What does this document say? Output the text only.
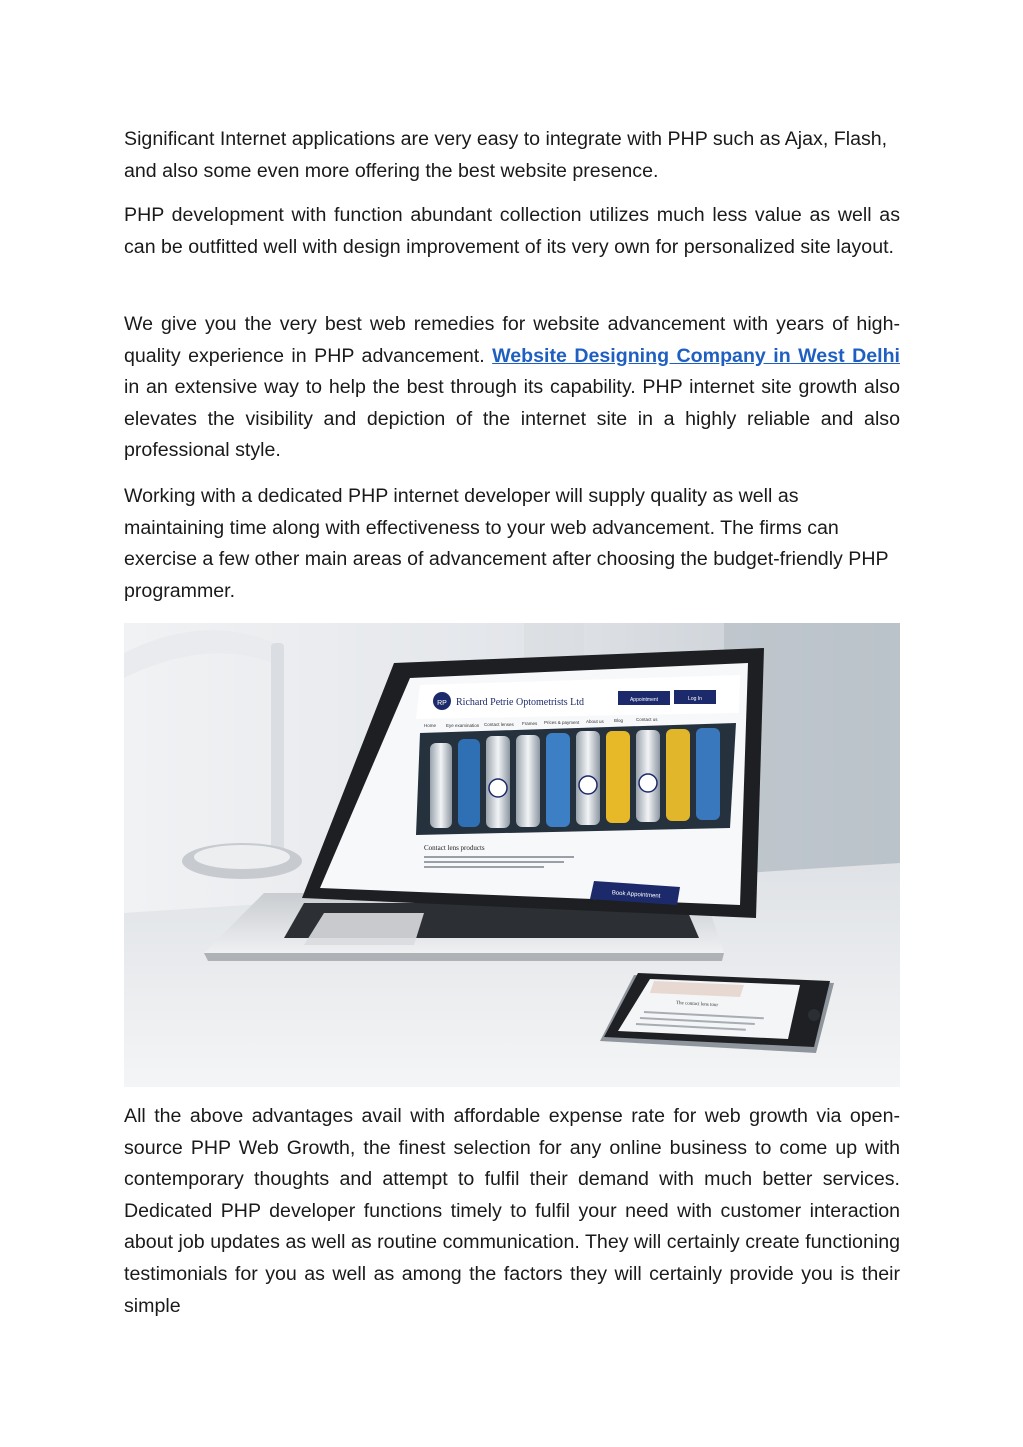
Significant Internet applications are very easy to integrate with PHP such as Ajax, Flash, and also some even more offering the best website presence.

PHP development with function abundant collection utilizes much less value as well as can be outfitted well with design improvement of its very own for personalized site layout.

We give you the very best web remedies for website advancement with years of high-quality experience in PHP advancement. Website Designing Company in West Delhi in an extensive way to help the best through its capability. PHP internet site growth also elevates the visibility and depiction of the internet site in a highly reliable and also professional style.

Working with a dedicated PHP internet developer will supply quality as well as maintaining time along with effectiveness to your web advancement. The firms can exercise a few other main areas of advancement after choosing the budget-friendly PHP programmer.

RP Richard Petrie Optometrists Ltd	Appointment	Log In
Home Eye examination Contact lenses Frames Prices & payment About us Blog	Contact us
Contact lens products
Book Appointment
The contact lens tour

All the above advantages avail with affordable expense rate for web growth via open-source PHP Web Growth, the finest selection for any online business to come up with contemporary thoughts and attempt to fulfil their demand with much better services. Dedicated PHP developer functions timely to fulfil your need with customer interaction about job updates as well as routine communication. They will certainly create functioning testimonials for you as well as among the factors they will certainly provide you is their simple
